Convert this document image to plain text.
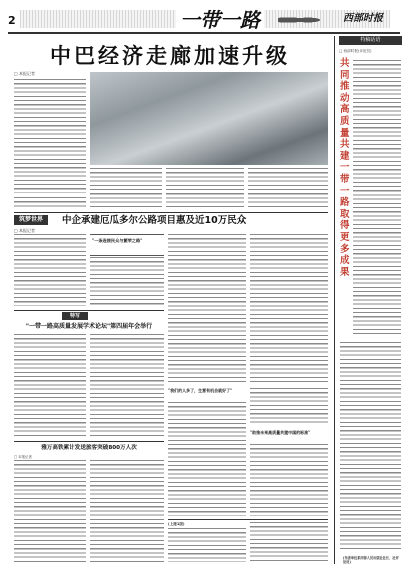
2	一带一路	西部时报
中巴经济走廊加速升级
特稿话语
□ 西部时报(评论员)
共同推动高质量共建一带一路取得更多成果
(作者单位系西部人民出版社社长、社评论员)
□ 本报记者
筑梦世界
□ 本报记者
中企承建厄瓜多尔公路项目惠及近10万民众
"一条连接民众与繁荣之路"
特写
"一带一路高质量发展学术论坛"第四届年会举行
"我们的人多了，生意有机会就好了"
"助推未来高质量共建中国的标准"
雅万高铁累计发送旅客突破800万人次
□ 本报记者
(上接1版)
